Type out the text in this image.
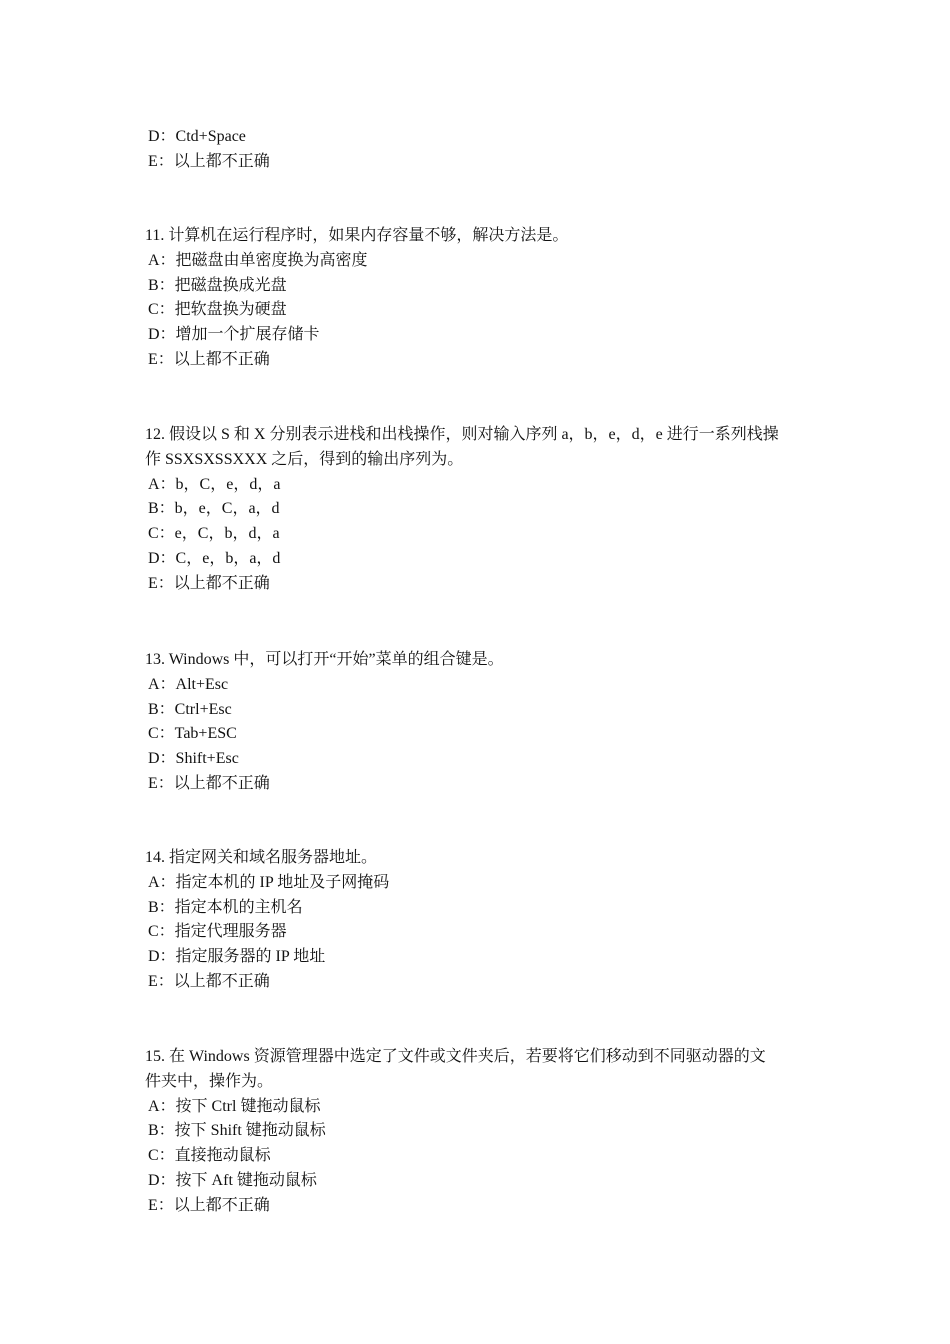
D：Ctd+Space
E：以上都不正确
11. 计算机在运行程序时，如果内存容量不够，解决方法是。
A：把磁盘由单密度换为高密度
B：把磁盘换成光盘
C：把软盘换为硬盘
D：增加一个扩展存储卡
E：以上都不正确
12. 假设以 S 和 X 分别表示进栈和出栈操作，则对输入序列 a，b，e，d，e 进行一系列栈操
作 SSXSXSSXXX 之后，得到的输出序列为。
A：b，C，e，d，a
B：b，e，C，a，d
C：e，C，b，d，a
D：C，e，b，a，d
E：以上都不正确
13. Windows 中，可以打开“开始”菜单的组合键是。
A：Alt+Esc
B：Ctrl+Esc
C：Tab+ESC
D：Shift+Esc
E：以上都不正确
14. 指定网关和域名服务器地址。
A：指定本机的 IP 地址及子网掩码
B：指定本机的主机名
C：指定代理服务器
D：指定服务器的 IP 地址
E：以上都不正确
15. 在 Windows 资源管理器中选定了文件或文件夹后，若要将它们移动到不同驱动器的文
件夹中，操作为。
A：按下 Ctrl 键拖动鼠标
B：按下 Shift 键拖动鼠标
C：直接拖动鼠标
D：按下 Aft 键拖动鼠标
E：以上都不正确
